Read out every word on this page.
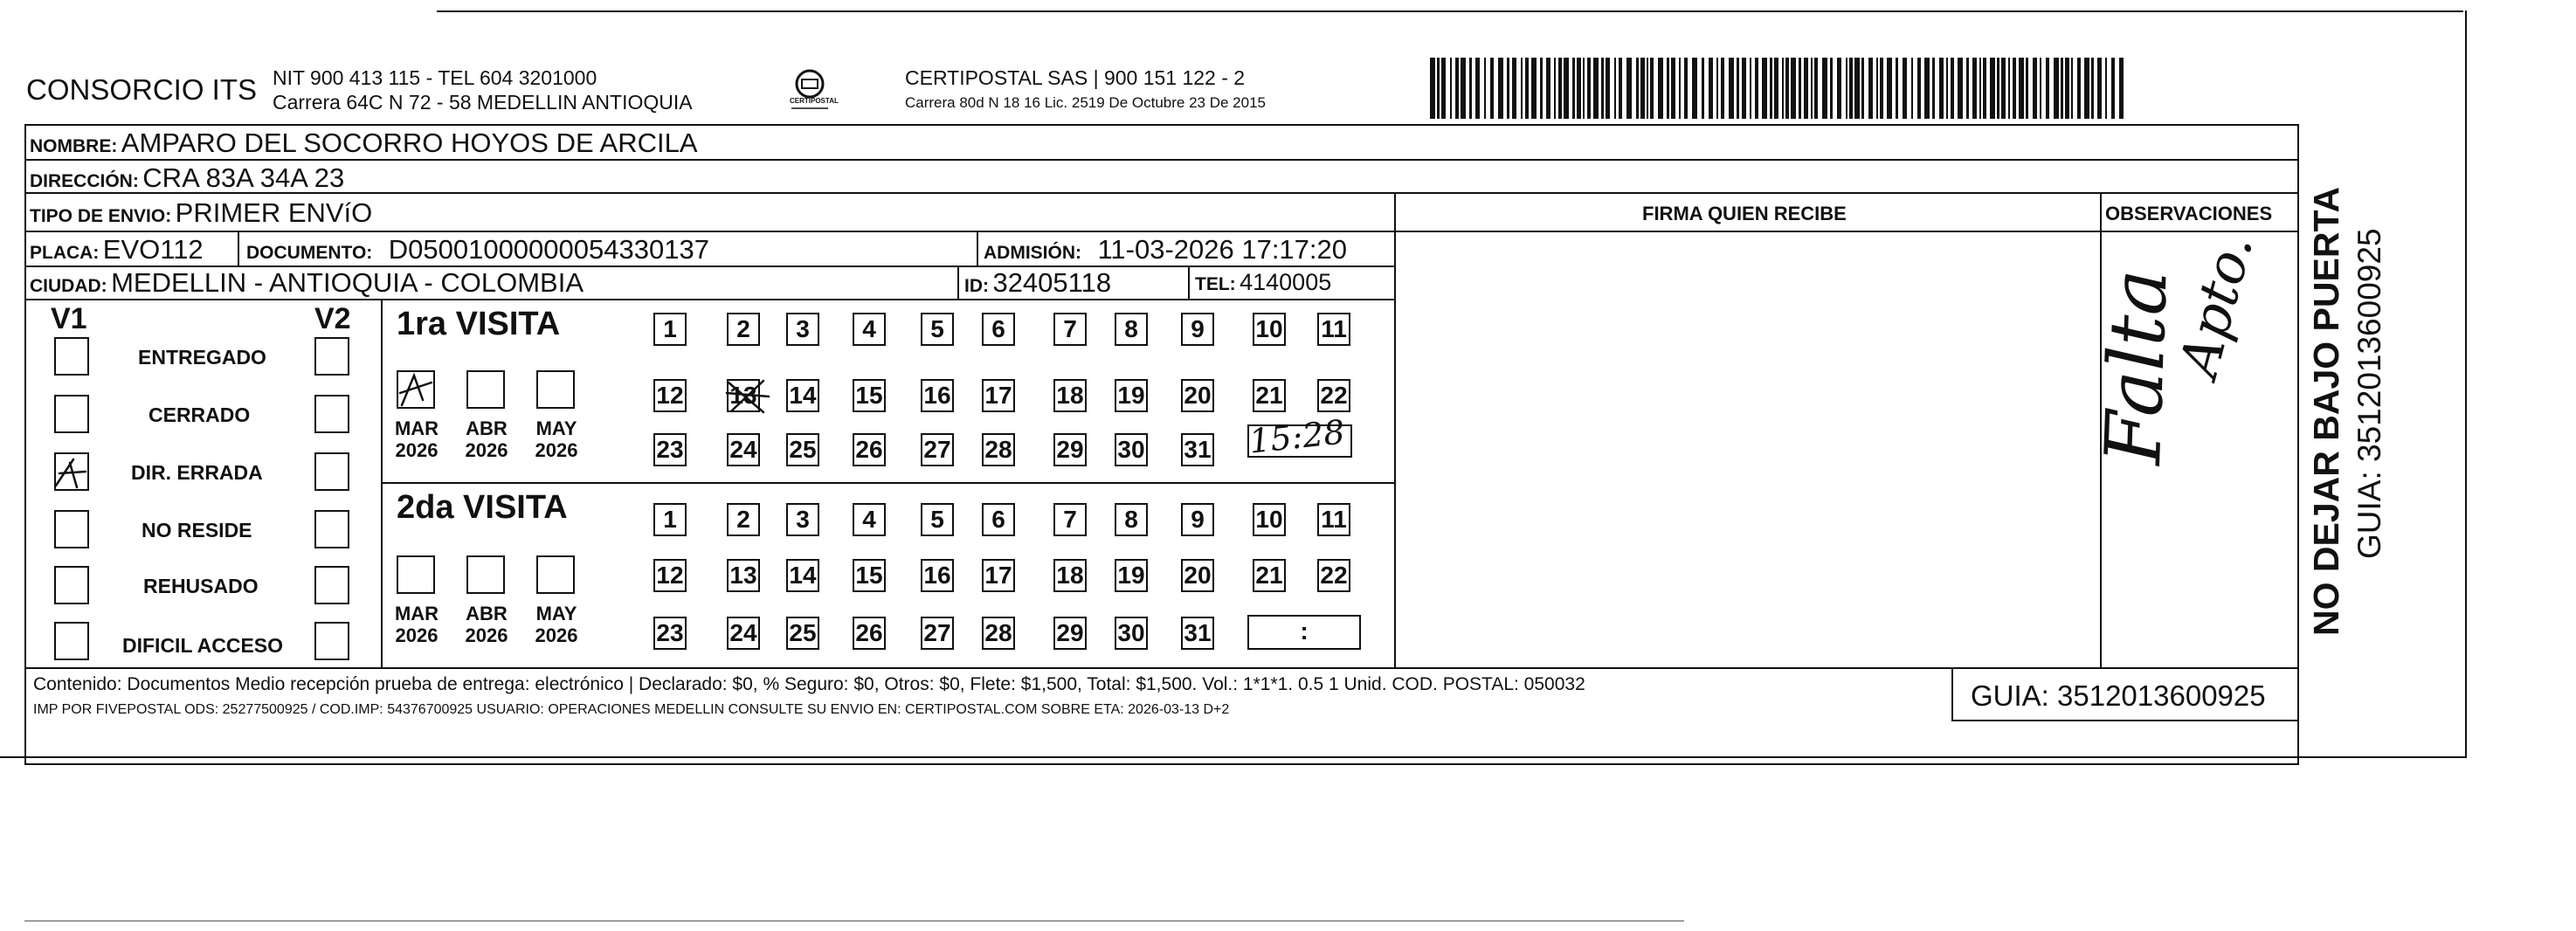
CONSORCIO ITS NIT 900 413 115 - TEL 604 3201000
Carrera 64C N 72 - 58 MEDELLIN ANTIOQUIA	CERTIPOSTAL
CERTIPOSTAL SAS | 900 151 122 - 2
Carrera 80d N 18 16 Lic. 2519 De Octubre 23 De 2015
NOMBRE: AMPARO DEL SOCORRO HOYOS DE ARCILA
DIRECCIÓN: CRA 83A 34A 23
TIPO DE ENVIO: PRIMER ENVíO	FIRMA QUIEN RECIBE	OBSERVACIONES
PLACA: EVO112 DOCUMENTO: D05001000000054330137	ADMISIÓN: 11-03-2026 17:17:20
CIUDAD: MEDELLIN - ANTIOQUIA - COLOMBIA	ID: 32405118	TEL: 4140005
V1	V2
ENTREGADO
CERRADO
DIR. ERRADA
NO RESIDE
REHUSADO
DIFICIL ACCESO
1ra VISITA
MAR
2026
ABR
2026
MAY
2026
1	2	3	4	5	6	7	8	9	10 11
12 13 14 15 16 17 18 19 20 21 22
23 24 25 26 27 28 29 30 31 15:28
2da VISITA
MAR
2026
ABR
2026
MAY
2026
1	2	3	4	5	6	7	8	9	10 11
12 13 14 15 16 17 18 19 20 21 22
23 24 25 26 27 28 29 30 31	:
Falta
Apto.
Contenido: Documentos Medio recepción prueba de entrega: electrónico | Declarado: $0, % Seguro: $0, Otros: $0, Flete: $1,500, Total: $1,500. Vol.: 1*1*1. 0.5 1 Unid. COD. POSTAL: 050032
IMP POR FIVEPOSTAL ODS: 25277500925 / COD.IMP: 54376700925 USUARIO: OPERACIONES MEDELLIN CONSULTE SU ENVIO EN: CERTIPOSTAL.COM SOBRE ETA: 2026-03-13 D+2	GUIA: 3512013600925
NO DEJAR BAJO PUERTA GUIA: 3512013600925
